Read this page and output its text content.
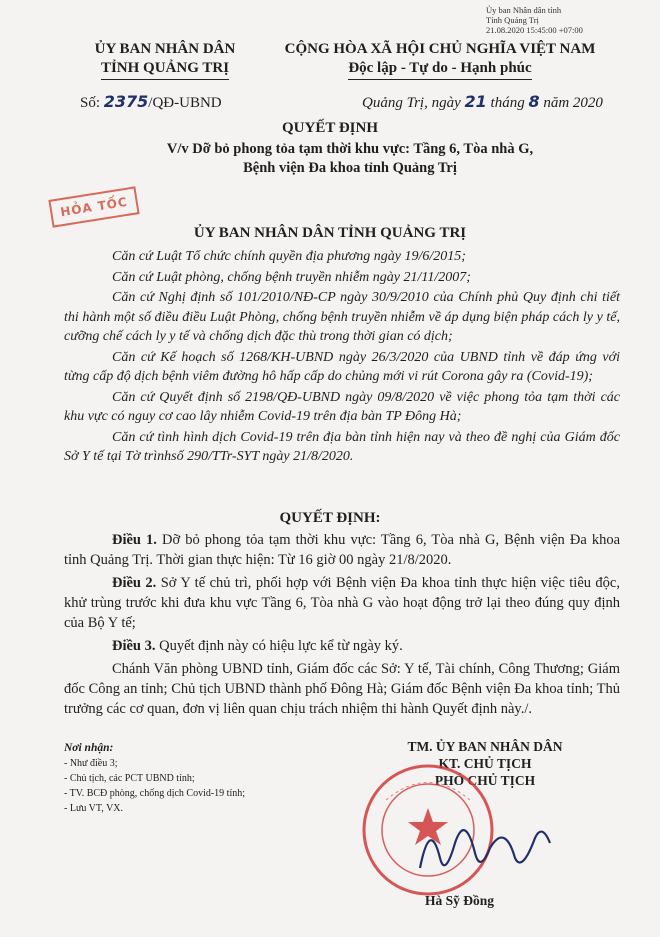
Ủy ban Nhân dân tỉnh
Tỉnh Quảng Trị
21.08.2020 15:45:00 +07:00
ỦY BAN NHÂN DÂN
TỈNH QUẢNG TRỊ
CỘNG HÒA XÃ HỘI CHỦ NGHĨA VIỆT NAM
Độc lập - Tự do - Hạnh phúc
Số: 2375/QĐ-UBND	Quảng Trị, ngày 21 tháng 8 năm 2020
QUYẾT ĐỊNH
V/v Dỡ bỏ phong tỏa tạm thời khu vực: Tầng 6, Tòa nhà G,
Bệnh viện Đa khoa tỉnh Quảng Trị
HỎA TỐC
ỦY BAN NHÂN DÂN TỈNH QUẢNG TRỊ

Căn cứ Luật Tổ chức chính quyền địa phương ngày 19/6/2015;

Căn cứ Luật phòng, chống bệnh truyền nhiễm ngày 21/11/2007;

Căn cứ Nghị định số 101/2010/NĐ-CP ngày 30/9/2010 của Chính phủ Quy định chi tiết thi hành một số điều điều Luật Phòng, chống bệnh truyền nhiễm về áp dụng biện pháp cách ly y tế, cưỡng chế cách ly y tế và chống dịch đặc thù trong thời gian có dịch;

Căn cứ Kế hoạch số 1268/KH-UBND ngày 26/3/2020 của UBND tỉnh về đáp ứng với từng cấp độ dịch bệnh viêm đường hô hấp cấp do chủng mới vi rút Corona gây ra (Covid-19);

Căn cứ Quyết định số 2198/QĐ-UBND ngày 09/8/2020 về việc phong tỏa tạm thời các khu vực có nguy cơ cao lây nhiễm Covid-19 trên địa bàn TP Đông Hà;

Căn cứ tình hình dịch Covid-19 trên địa bàn tỉnh hiện nay và theo đề nghị của Giám đốc Sở Y tế tại Tờ trìnhsố 290/TTr-SYT ngày 21/8/2020.

QUYẾT ĐỊNH:

Điều 1. Dỡ bỏ phong tỏa tạm thời khu vực: Tầng 6, Tòa nhà G, Bệnh viện Đa khoa tỉnh Quảng Trị. Thời gian thực hiện: Từ 16 giờ 00 ngày 21/8/2020.

Điều 2. Sở Y tế chủ trì, phối hợp với Bệnh viện Đa khoa tỉnh thực hiện việc tiêu độc, khử trùng trước khi đưa khu vực Tầng 6, Tòa nhà G vào hoạt động trở lại theo đúng quy định của Bộ Y tế;

Điều 3. Quyết định này có hiệu lực kể từ ngày ký.

Chánh Văn phòng UBND tỉnh, Giám đốc các Sở: Y tế, Tài chính, Công Thương; Giám đốc Công an tỉnh; Chủ tịch UBND thành phố Đông Hà; Giám đốc Bệnh viện Đa khoa tỉnh; Thủ trưởng các cơ quan, đơn vị liên quan chịu trách nhiệm thi hành Quyết định này./.

Nơi nhận:
- Như điều 3;
- Chủ tịch, các PCT UBND tỉnh;
- TV. BCĐ phòng, chống dịch Covid-19 tỉnh;
- Lưu VT, VX.
TM. ỦY BAN NHÂN DÂN
KT. CHỦ TỊCH
PHÓ CHỦ TỊCH
Hà Sỹ Đồng
